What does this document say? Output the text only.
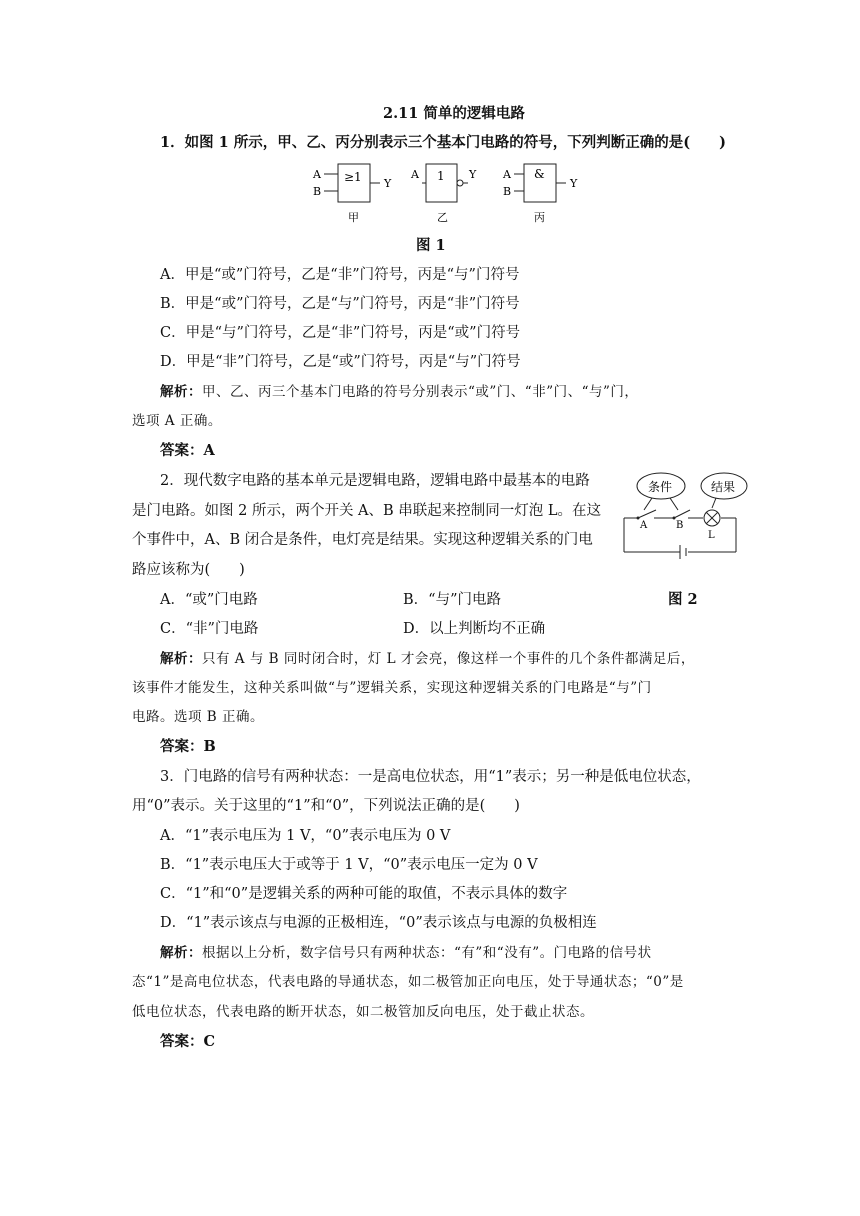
2.11 简单的逻辑电路
1．如图 1 所示，甲、乙、丙分别表示三个基本门电路的符号，下列判断正确的是(　　)
A
B
≥1 Y
甲
A 1 Y
乙
A
B
&
Y
丙
图 1
A．甲是“或”门符号，乙是“非”门符号，丙是“与”门符号
B．甲是“或”门符号，乙是“与”门符号，丙是“非”门符号
C．甲是“与”门符号，乙是“非”门符号，丙是“或”门符号
D．甲是“非”门符号，乙是“或”门符号，丙是“与”门符号
解析：甲、乙、丙三个基本门电路的符号分别表示“或”门、“非”门、“与”门，
选项 A 正确。
答案：A
2．现代数字电路的基本单元是逻辑电路，逻辑电路中最基本的电路
是门电路。如图 2 所示，两个开关 A、B 串联起来控制同一灯泡 L。在这
个事件中，A、B 闭合是条件，电灯亮是结果。实现这种逻辑关系的门电
路应该称为(　　)
条件	结果
A	B
L
A．“或”门电路	B．“与”门电路	图 2
C．“非”门电路	D．以上判断均不正确
解析：只有 A 与 B 同时闭合时，灯 L 才会亮，像这样一个事件的几个条件都满足后，
该事件才能发生，这种关系叫做“与”逻辑关系，实现这种逻辑关系的门电路是“与”门
电路。选项 B 正确。
答案：B
3．门电路的信号有两种状态：一是高电位状态，用“1”表示；另一种是低电位状态，
用“0”表示。关于这里的“1”和“0”，下列说法正确的是(　　)
A．“1”表示电压为 1 V，“0”表示电压为 0 V
B．“1”表示电压大于或等于 1 V，“0”表示电压一定为 0 V
C．“1”和“0”是逻辑关系的两种可能的取值，不表示具体的数字
D．“1”表示该点与电源的正极相连，“0”表示该点与电源的负极相连
解析：根据以上分析，数字信号只有两种状态：“有”和“没有”。门电路的信号状
态“1”是高电位状态，代表电路的导通状态，如二极管加正向电压，处于导通状态；“0”是
低电位状态，代表电路的断开状态，如二极管加反向电压，处于截止状态。
答案：C
